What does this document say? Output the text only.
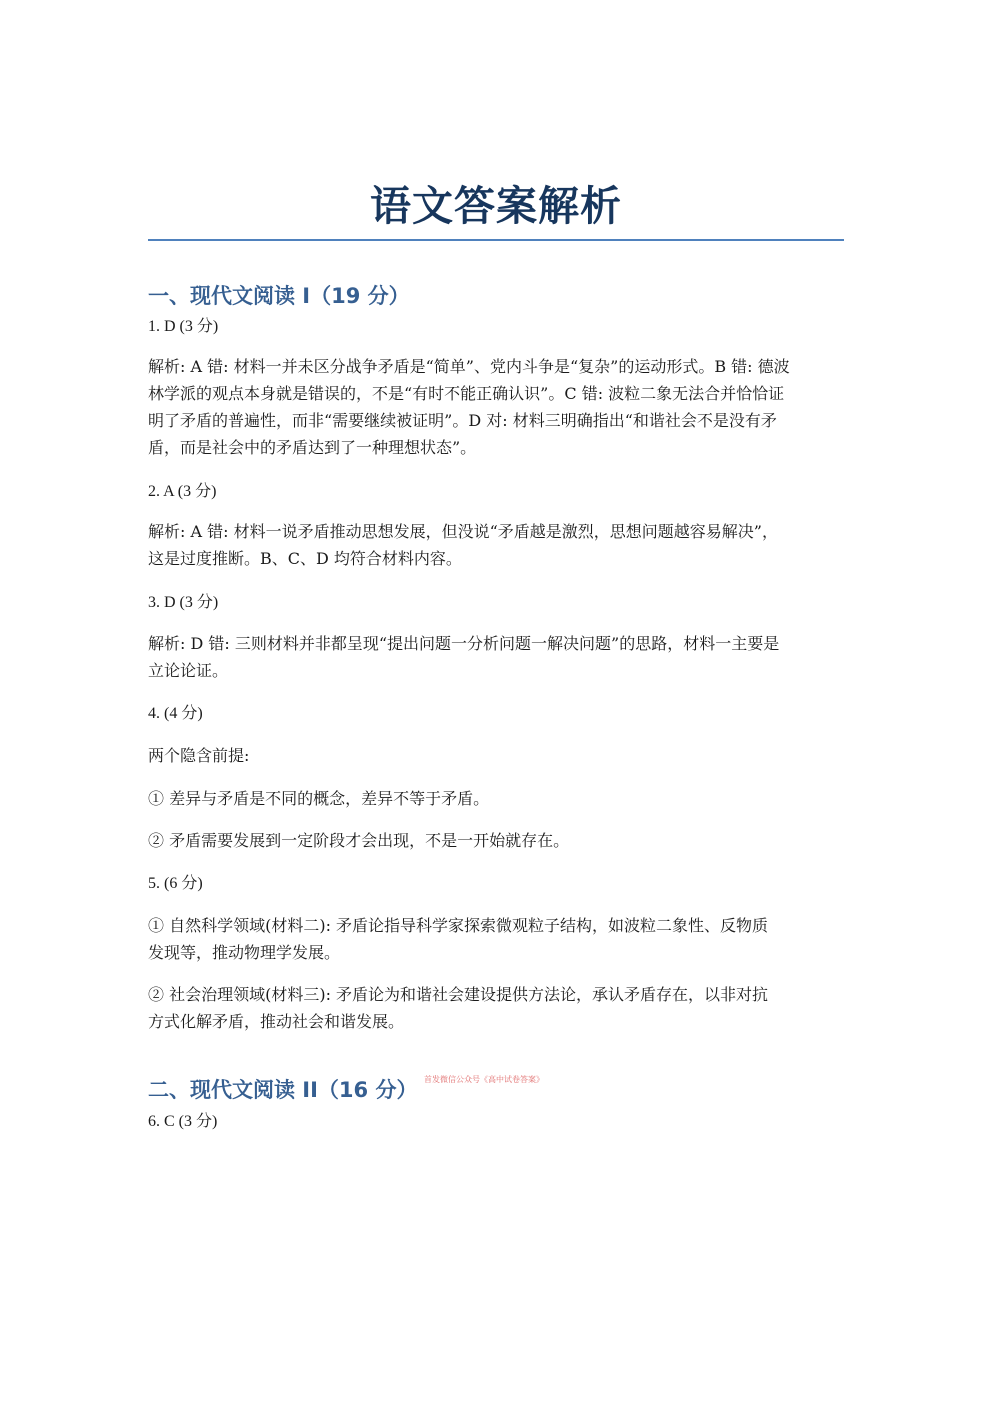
语文答案解析
一、现代文阅读 I（19 分）
1. D (3 分)
解析: A 错: 材料一并未区分战争矛盾是“简单”、党内斗争是“复杂”的运动形式。B 错: 德波
林学派的观点本身就是错误的，不是“有时不能正确认识”。C 错: 波粒二象无法合并恰恰证
明了矛盾的普遍性，而非“需要继续被证明”。D 对: 材料三明确指出“和谐社会不是没有矛
盾，而是社会中的矛盾达到了一种理想状态”。
2. A (3 分)
解析: A 错: 材料一说矛盾推动思想发展，但没说“矛盾越是激烈，思想问题越容易解决”，
这是过度推断。B、C、D 均符合材料内容。
3. D (3 分)
解析: D 错: 三则材料并非都呈现“提出问题一分析问题一解决问题”的思路，材料一主要是
立论论证。
4. (4 分)
两个隐含前提:
① 差异与矛盾是不同的概念，差异不等于矛盾。
② 矛盾需要发展到一定阶段才会出现，不是一开始就存在。
5. (6 分)
① 自然科学领域(材料二): 矛盾论指导科学家探索微观粒子结构，如波粒二象性、反物质
发现等，推动物理学发展。
② 社会治理领域(材料三): 矛盾论为和谐社会建设提供方法论，承认矛盾存在，以非对抗
方式化解矛盾，推动社会和谐发展。
二、现代文阅读 II（16 分） 首发微信公众号《高中试卷答案》
6. C (3 分)
